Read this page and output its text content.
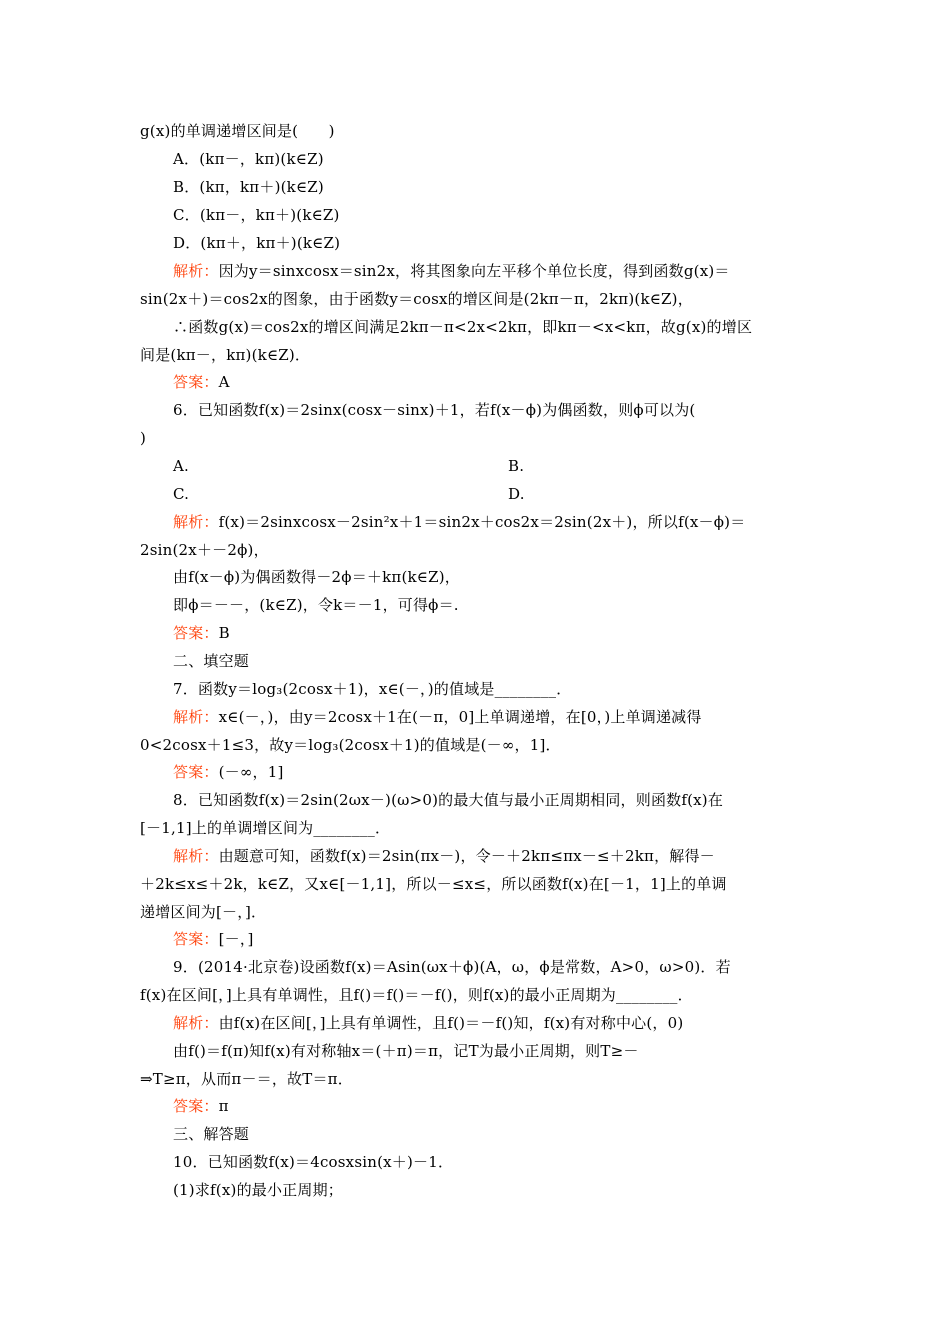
g(x)的单调递增区间是(　　)
A．(kπ－，kπ)(k∈Z)
B．(kπ，kπ＋)(k∈Z)
C．(kπ－，kπ＋)(k∈Z)
D．(kπ＋，kπ＋)(k∈Z)
解析：因为y＝sinxcosx＝sin2x，将其图象向左平移个单位长度，得到函数g(x)＝
sin(2x＋)＝cos2x的图象，由于函数y＝cosx的增区间是(2kπ－π，2kπ)(k∈Z)，
∴函数g(x)＝cos2x的增区间满足2kπ－π<2x<2kπ，即kπ－<x<kπ，故g(x)的增区
间是(kπ－，kπ)(k∈Z)．
答案：A
6．已知函数f(x)＝2sinx(cosx－sinx)＋1，若f(x－ϕ)为偶函数，则ϕ可以为(
)
A.	B.
C.	D.
解析：f(x)＝2sinxcosx－2sin²x＋1＝sin2x＋cos2x＝2sin(2x＋)，所以f(x－ϕ)＝
2sin(2x＋－2ϕ)，
由f(x－ϕ)为偶函数得－2ϕ＝＋kπ(k∈Z)，
即ϕ＝－－，(k∈Z)，令k＝－1，可得ϕ＝.
答案：B
二、填空题
7．函数y＝log₃(2cosx＋1)，x∈(－，)的值域是________．
解析：x∈(－，)，由y＝2cosx＋1在(－π，0]上单调递增，在[0，)上单调递减得
0<2cosx＋1≤3，故y＝log₃(2cosx＋1)的值域是(－∞，1]．
答案：(－∞，1]
8．已知函数f(x)＝2sin(2ωx－)(ω>0)的最大值与最小正周期相同，则函数f(x)在
[－1,1]上的单调增区间为________．
解析：由题意可知，函数f(x)＝2sin(πx－)，令－＋2kπ≤πx－≤＋2kπ，解得－
＋2k≤x≤＋2k，k∈Z，又x∈[－1,1]，所以－≤x≤，所以函数f(x)在[－1，1]上的单调
递增区间为[－，]．
答案：[－，]
9．(2014·北京卷)设函数f(x)＝Asin(ωx＋ϕ)(A，ω，ϕ是常数，A>0，ω>0)．若
f(x)在区间[，]上具有单调性，且f()＝f()＝－f()，则f(x)的最小正周期为________．
解析：由f(x)在区间[，]上具有单调性，且f()＝－f()知，f(x)有对称中心(，0)
由f()＝f(π)知f(x)有对称轴x＝(＋π)＝π，记T为最小正周期，则T≥－
⇒T≥π，从而π－＝，故T＝π．
答案：π
三、解答题
10．已知函数f(x)＝4cosxsin(x＋)－1．
(1)求f(x)的最小正周期；
